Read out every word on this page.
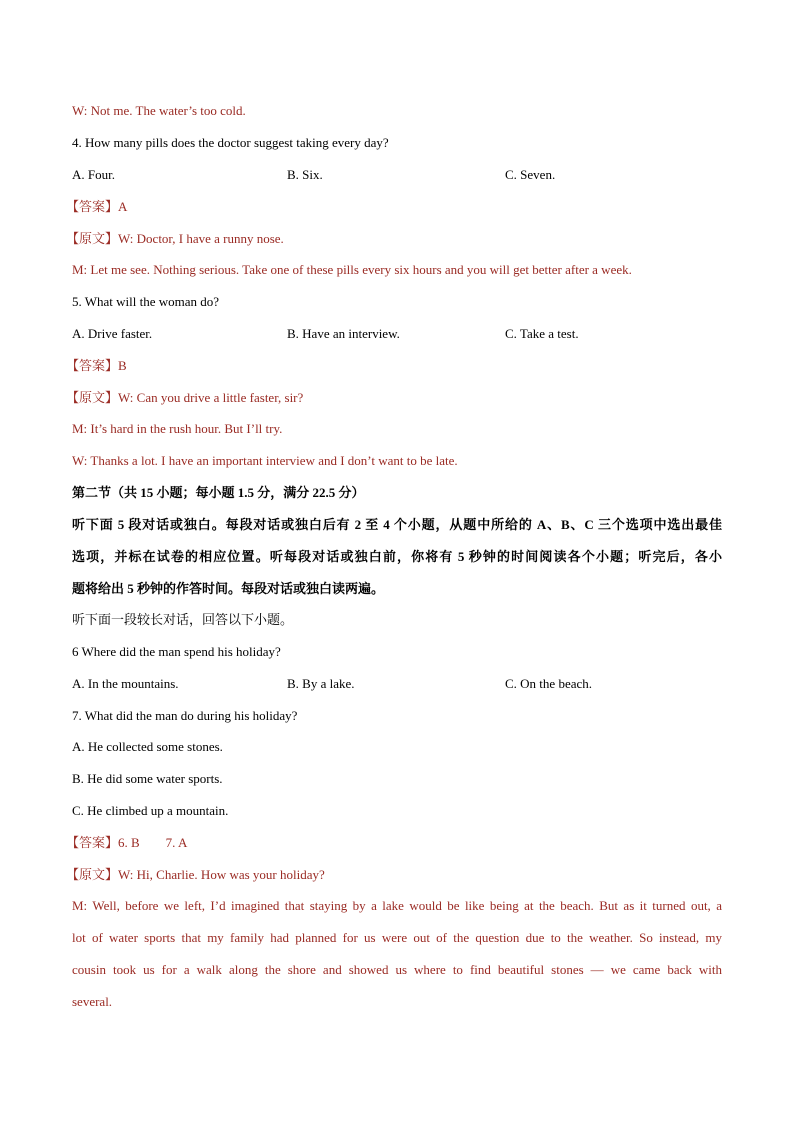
W: Not me. The water’s too cold.
4. How many pills does the doctor suggest taking every day?
A. Four.	B. Six.	C. Seven.
【答案】A
【原文】W: Doctor, I have a runny nose.
M: Let me see. Nothing serious. Take one of these pills every six hours and you will get better after a week.
5. What will the woman do?
A. Drive faster.	B. Have an interview.	C. Take a test.
【答案】B
【原文】W: Can you drive a little faster, sir?
M: It’s hard in the rush hour. But I’ll try.
W: Thanks a lot. I have an important interview and I don’t want to be late.
第二节（共 15 小题；每小题 1.5 分，满分 22.5 分）
听下面 5 段对话或独白。每段对话或独白后有 2 至 4 个小题，从题中所给的 A、B、C 三个选项中选出最佳
选项，并标在试卷的相应位置。听每段对话或独白前，你将有 5 秒钟的时间阅读各个小题；听完后，各小
题将给出 5 秒钟的作答时间。每段对话或独白读两遍。
听下面一段较长对话，回答以下小题。
6 Where did the man spend his holiday?
A. In the mountains.	B. By a lake.	C. On the beach.
7. What did the man do during his holiday?
A. He collected some stones.
B. He did some water sports.
C. He climbed up a mountain.
【答案】6. B        7. A
【原文】W: Hi, Charlie. How was your holiday?
M: Well, before we left, I’d imagined that staying by a lake would be like being at the beach. But as it turned out, a
lot of water sports that my family had planned for us were out of the question due to the weather. So instead, my
cousin took us for a walk along the shore and showed us where to find beautiful stones — we came back with
several.
